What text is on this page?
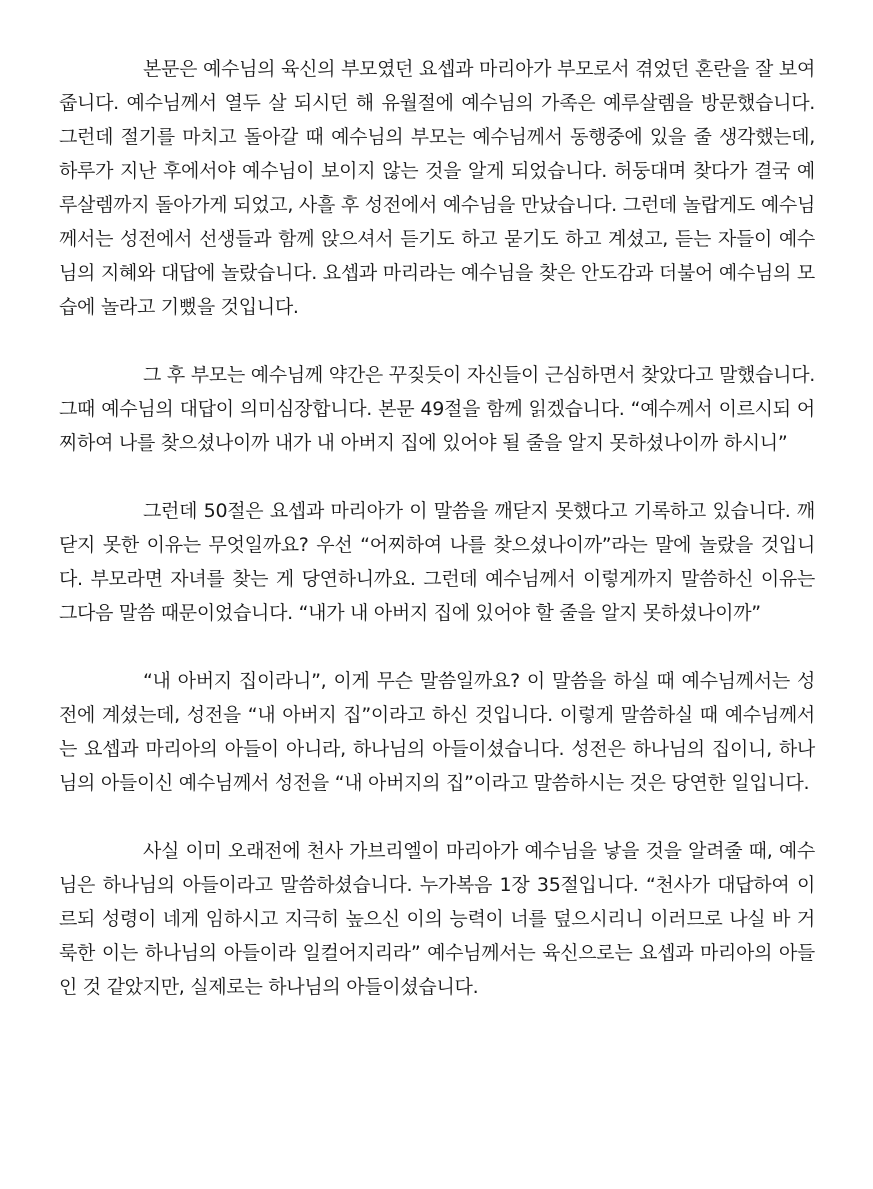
본문은 예수님의 육신의 부모였던 요셉과 마리아가 부모로서 겪었던 혼란을 잘 보여줍니다. 예수님께서 열두 살 되시던 해 유월절에 예수님의 가족은 예루살렘을 방문했습니다. 그런데 절기를 마치고 돌아갈 때 예수님의 부모는 예수님께서 동행중에 있을 줄 생각했는데, 하루가 지난 후에서야 예수님이 보이지 않는 것을 알게 되었습니다. 허둥대며 찾다가 결국 예루살렘까지 돌아가게 되었고, 사흘 후 성전에서 예수님을 만났습니다. 그런데 놀랍게도 예수님께서는 성전에서 선생들과 함께 앉으셔서 듣기도 하고 묻기도 하고 계셨고, 듣는 자들이 예수님의 지혜와 대답에 놀랐습니다. 요셉과 마리라는 예수님을 찾은 안도감과 더불어 예수님의 모습에 놀라고 기뻤을 것입니다.

그 후 부모는 예수님께 약간은 꾸짖듯이 자신들이 근심하면서 찾았다고 말했습니다. 그때 예수님의 대답이 의미심장합니다. 본문 49절을 함께 읽겠습니다. “예수께서 이르시되 어찌하여 나를 찾으셨나이까 내가 내 아버지 집에 있어야 될 줄을 알지 못하셨나이까 하시니”

그런데 50절은 요셉과 마리아가 이 말씀을 깨닫지 못했다고 기록하고 있습니다. 깨닫지 못한 이유는 무엇일까요? 우선 “어찌하여 나를 찾으셨나이까”라는 말에 놀랐을 것입니다. 부모라면 자녀를 찾는 게 당연하니까요. 그런데 예수님께서 이렇게까지 말씀하신 이유는 그다음 말씀 때문이었습니다. “내가 내 아버지 집에 있어야 할 줄을 알지 못하셨나이까”

“내 아버지 집이라니”, 이게 무슨 말씀일까요? 이 말씀을 하실 때 예수님께서는 성전에 계셨는데, 성전을 “내 아버지 집”이라고 하신 것입니다. 이렇게 말씀하실 때 예수님께서는 요셉과 마리아의 아들이 아니라, 하나님의 아들이셨습니다. 성전은 하나님의 집이니, 하나님의 아들이신 예수님께서 성전을 “내 아버지의 집”이라고 말씀하시는 것은 당연한 일입니다.

사실 이미 오래전에 천사 가브리엘이 마리아가 예수님을 낳을 것을 알려줄 때, 예수님은 하나님의 아들이라고 말씀하셨습니다. 누가복음 1장 35절입니다. “천사가 대답하여 이르되 성령이 네게 임하시고 지극히 높으신 이의 능력이 너를 덮으시리니 이러므로 나실 바 거룩한 이는 하나님의 아들이라 일컬어지리라” 예수님께서는 육신으로는 요셉과 마리아의 아들인 것 같았지만, 실제로는 하나님의 아들이셨습니다.
